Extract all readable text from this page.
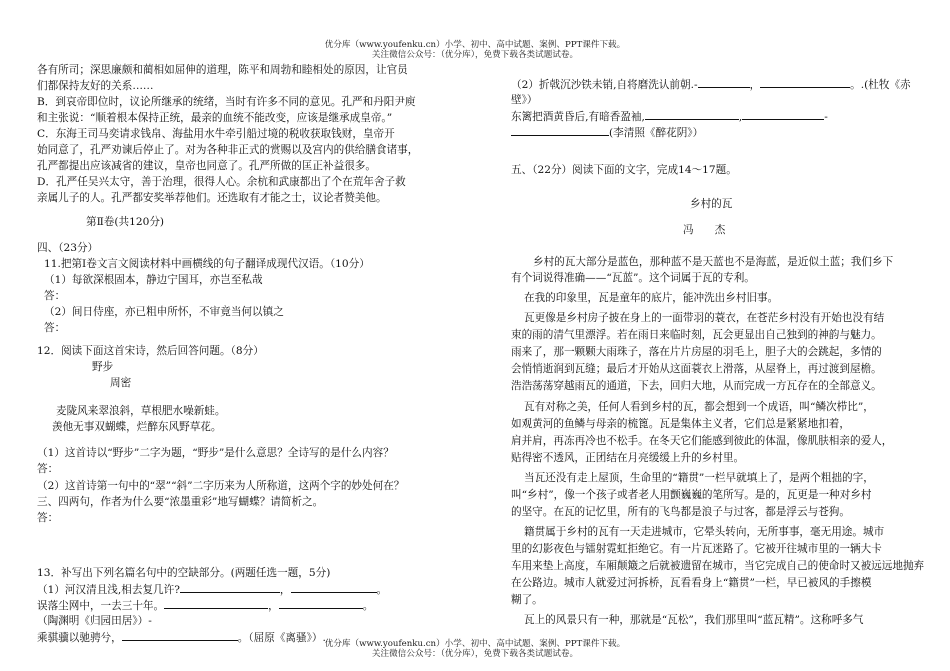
优分库（www.youfenku.cn）小学、初中、高中试题、案例、PPT课件下载。
关注微信公众号：（优分库），免费下载各类试题试卷。
各有所司；深思廉颇和蔺相如屈伸的道理，陈平和周勃和睦相处的原因，让官员
们都保持友好的关系……
B．到哀帝即位时，议论所继承的统绪，当时有许多不同的意见。孔严和丹阳尹庾
和主张说：“顺着根本保持正统，最亲的血统不能改变，应该是继承成皇帝。”
C．东海王司马奕请求钱帛、海盐用水牛牵引船过境的税收获取钱财，皇帝开
始同意了，孔严劝谏后停止了。对为各种非正式的赏赐以及宫内的供给膳食诸事，
孔严都提出应该减省的建议，皇帝也同意了。孔严所做的匡正补益很多。
D．孔严任吴兴太守，善于治理，很得人心。余杭和武康都出了个在荒年舍子救
亲属儿子的人。孔严都安奖举荐他们。还选取有才能之士，议论者赞美他。
第Ⅱ卷(共120分)
四、（23分）
11.把第Ⅰ卷文言文阅读材料中画横线的句子翻译成现代汉语。（10分）
（1）每欲深根固本，静边宁国耳，亦岂至私哉
答：
（2）间日侍座，亦已粗申所怀，不审竟当何以镇之
答：
12．阅读下面这首宋诗，然后回答问题。（8分）
野步
周密
麦陇风来翠浪斜，草根肥水噪新蛙。
羡他无事双蝴蝶，烂醉东风野草花。
（1）这首诗以“野步”二字为题，“野步”是什么意思？全诗写的是什么内容？
答：
（2）这首诗第一句中的“翠”“斜”二字历来为人所称道，这两个字的妙处何在？
三、四两句，作者为什么要“浓墨重彩”地写蝴蝶？请简析之。
答：
13．补写出下列名篇名句中的空缺部分。(两题任选一题，5分)
（1）河汉清且浅,相去复几许?	，	。
误落尘网中，一去三十年。	，	。
（陶渊明《归园田居》）-
乘骐骥以驰骋兮，	。（屈原《离骚》）.
（2）折戟沉沙铁未销,自将磨洗认前朝.-	，	。.(杜牧《赤
壁》）
东篱把酒黄昏后,有暗香盈袖,	,	-
(李清照《醉花阴》）
五、（22分）阅读下面的文字，完成14～17题。
乡村的瓦
冯　　杰
乡村的瓦大部分是蓝色，那种蓝不是天蓝也不是海蓝，是近似土蓝；我们乡下
有个词说得准确——“瓦蓝”。这个词属于瓦的专利。
在我的印象里，瓦是童年的底片，能冲洗出乡村旧事。
瓦更像是乡村房子披在身上的一面带羽的蓑衣，在苍茫乡村没有开始也没有结
束的雨的清气里漂浮。若在雨日来临时刻，瓦会更显出自己独到的神韵与魅力。
雨来了，那一颗颗大雨珠子，落在片片房屋的羽毛上，胆子大的会跳起，多情的
会悄悄逝润到瓦缝；最后才开始从这面蓑衣上滑落，从屋脊上，再过渡到屋檐。
浩浩荡荡穿越雨瓦的通道，下去，回归大地，从而完成一方瓦存在的全部意义。
瓦有对称之美，任何人看到乡村的瓦，都会想到一个成语，叫“鳞次栉比”，
如观黄河的鱼鳞与母亲的梳篦。瓦是集体主义者，它们总是紧紧地扣着，
肩并肩，再冻再冷也不松手。在冬天它们能感到彼此的体温，像肌肤相亲的爱人，
贴得密不透风，正团结在月亮缓缓上升的乡村里。
当瓦还没有走上屋顶，生命里的“籍贯”一栏早就填上了，是两个粗拙的字，
叫“乡村”，像一个孩子或者老人用颤巍巍的笔所写。是的，瓦更是一种对乡村
的坚守。在瓦的记忆里，所有的飞鸟都是浪子与过客，都是浮云与苍狗。
籍贯属于乡村的瓦有一天走进城市，它晕头转向，无所事事，毫无用途。城市
里的幻影夜色与镭射霓虹拒绝它。有一片瓦迷路了。它被开往城市里的一辆大卡
车用来垫上高度，车厢颠簸之后就被遗留在城市，当它完成自己的使命时又被远远地抛弃
在公路边。城市人就爱过河拆桥，瓦看看身上“籍贯”一栏，早已被风的手擦模
糊了。
瓦上的风景只有一种，那就是“瓦松”，我们那里叫“蓝瓦精”。这称呼多气
优分库（www.youfenku.cn）小学、初中、高中试题、案例、PPT课件下载。
关注微信公众号：（优分库），免费下载各类试题试卷。
